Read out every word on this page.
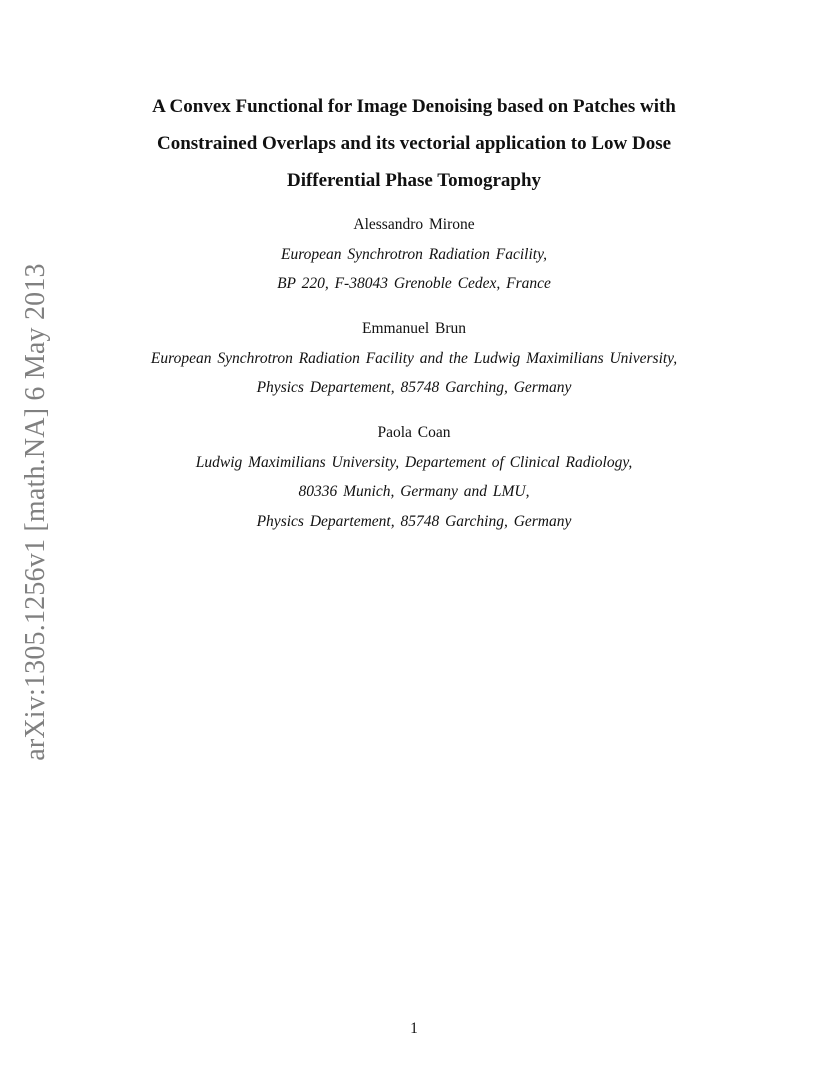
arXiv:1305.1256v1 [math.NA] 6 May 2013
A Convex Functional for Image Denoising based on Patches with
Constrained Overlaps and its vectorial application to Low Dose
Differential Phase Tomography
Alessandro Mirone
European Synchrotron Radiation Facility,
BP 220, F-38043 Grenoble Cedex, France
Emmanuel Brun
European Synchrotron Radiation Facility and the Ludwig Maximilians University,
Physics Departement, 85748 Garching, Germany
Paola Coan
Ludwig Maximilians University, Departement of Clinical Radiology,
80336 Munich, Germany and LMU,
Physics Departement, 85748 Garching, Germany
1
